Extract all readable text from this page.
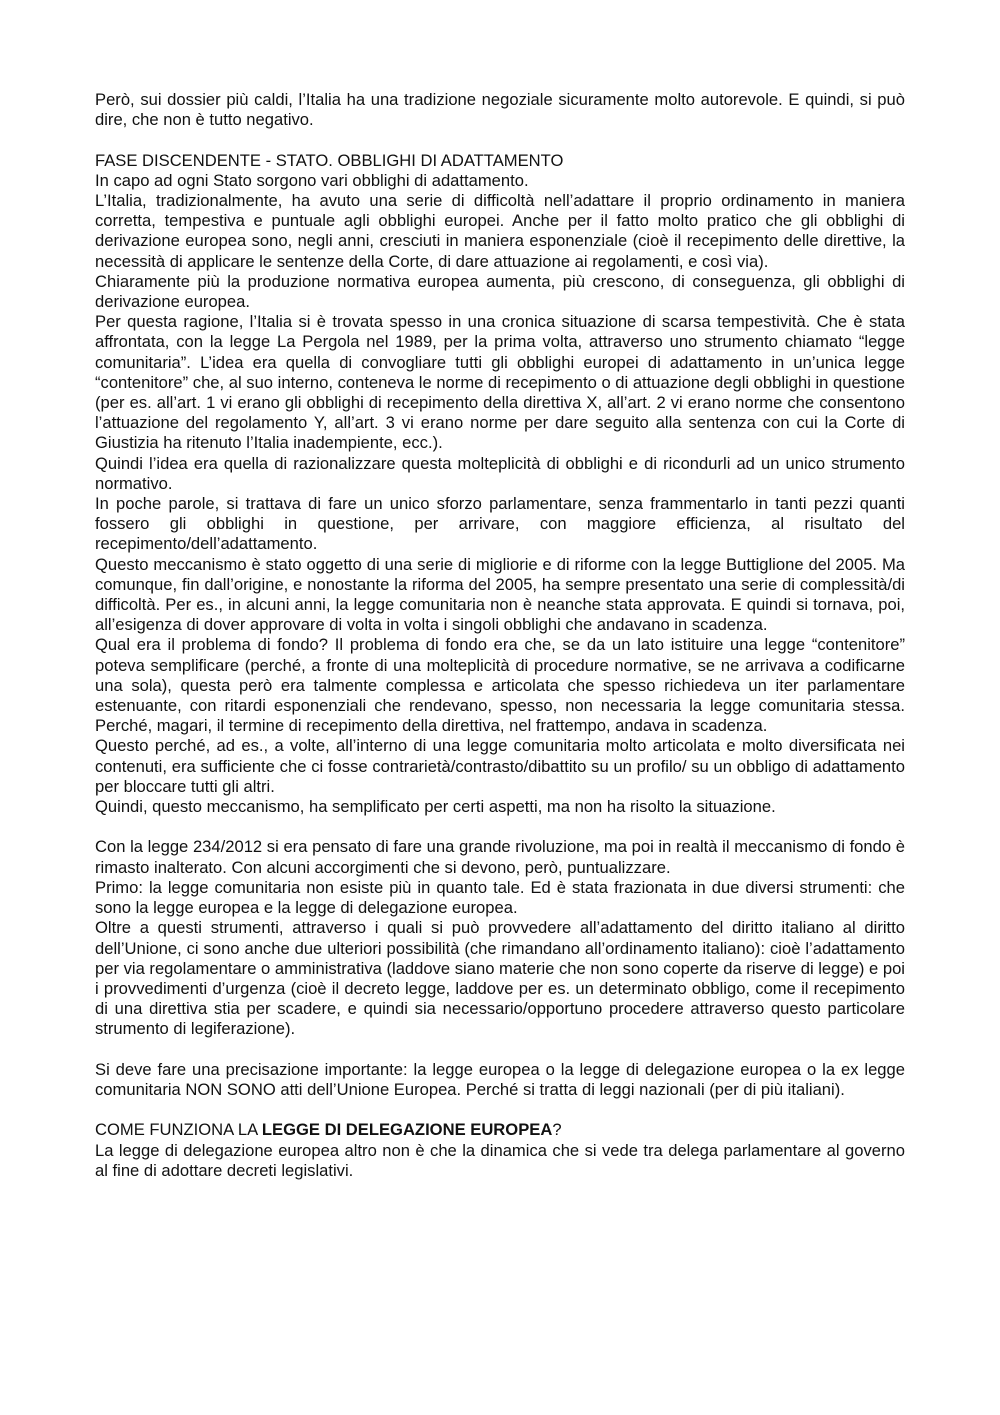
Però, sui dossier più caldi, l’Italia ha una tradizione negoziale sicuramente molto autorevole. E quindi, si può dire, che non è tutto negativo.

FASE DISCENDENTE - STATO. OBBLIGHI DI ADATTAMENTO

In capo ad ogni Stato sorgono vari obblighi di adattamento.

L’Italia, tradizionalmente, ha avuto una serie di difficoltà nell’adattare il proprio ordinamento in maniera corretta, tempestiva e puntuale agli obblighi europei. Anche per il fatto molto pratico che gli obblighi di derivazione europea sono, negli anni, cresciuti in maniera esponenziale (cioè il recepimento delle direttive, la necessità di applicare le sentenze della Corte, di dare attuazione ai regolamenti, e così via).

Chiaramente più la produzione normativa europea aumenta, più crescono, di conseguenza, gli obblighi di derivazione europea.

Per questa ragione, l’Italia si è trovata spesso in una cronica situazione di scarsa tempestività. Che è stata affrontata, con la legge La Pergola nel 1989, per la prima volta, attraverso uno strumento chiamato “legge comunitaria”. L’idea era quella di convogliare tutti gli obblighi europei di adattamento in un’unica legge “contenitore” che, al suo interno, conteneva le norme di recepimento o di attuazione degli obblighi in questione (per es. all’art. 1 vi erano gli obblighi di recepimento della direttiva X, all’art. 2 vi erano norme che consentono l’attuazione del regolamento Y, all’art. 3 vi erano norme per dare seguito alla sentenza con cui la Corte di Giustizia ha ritenuto l’Italia inadempiente, ecc.).

Quindi l’idea era quella di razionalizzare questa molteplicità di obblighi e di ricondurli ad un unico strumento normativo.

In poche parole, si trattava di fare un unico sforzo parlamentare, senza frammentarlo in tanti pezzi quanti fossero gli obblighi in questione, per arrivare, con maggiore efficienza, al risultato del recepimento/dell’adattamento.

Questo meccanismo è stato oggetto di una serie di migliorie e di riforme con la legge Buttiglione del 2005. Ma comunque, fin dall’origine, e nonostante la riforma del 2005, ha sempre presentato una serie di complessità/di difficoltà. Per es., in alcuni anni, la legge comunitaria non è neanche stata approvata. E quindi si tornava, poi, all’esigenza di dover approvare di volta in volta i singoli obblighi che andavano in scadenza.

Qual era il problema di fondo? Il problema di fondo era che, se da un lato istituire una legge “contenitore” poteva semplificare (perché, a fronte di una molteplicità di procedure normative, se ne arrivava a codificarne una sola), questa però era talmente complessa e articolata che spesso richiedeva un iter parlamentare estenuante, con ritardi esponenziali che rendevano, spesso, non necessaria la legge comunitaria stessa. Perché, magari, il termine di recepimento della direttiva, nel frattempo, andava in scadenza.

Questo perché, ad es., a volte, all’interno di una legge comunitaria molto articolata e molto diversificata nei contenuti, era sufficiente che ci fosse contrarietà/contrasto/dibattito su un profilo/ su un obbligo di adattamento per bloccare tutti gli altri.

Quindi, questo meccanismo, ha semplificato per certi aspetti, ma non ha risolto la situazione.

Con la legge 234/2012 si era pensato di fare una grande rivoluzione, ma poi in realtà il meccanismo di fondo è rimasto inalterato. Con alcuni accorgimenti che si devono, però, puntualizzare.

Primo: la legge comunitaria non esiste più in quanto tale. Ed è stata frazionata in due diversi strumenti: che sono la legge europea e la legge di delegazione europea.

Oltre a questi strumenti, attraverso i quali si può provvedere all’adattamento del diritto italiano al diritto dell’Unione, ci sono anche due ulteriori possibilità (che rimandano all’ordinamento italiano): cioè l’adattamento per via regolamentare o amministrativa (laddove siano materie che non sono coperte da riserve di legge) e poi i provvedimenti d’urgenza (cioè il decreto legge, laddove per es. un determinato obbligo, come il recepimento di una direttiva stia per scadere, e quindi sia necessario/opportuno procedere attraverso questo particolare strumento di legiferazione).

Si deve fare una precisazione importante: la legge europea o la legge di delegazione europea o la ex legge comunitaria NON SONO atti dell’Unione Europea. Perché si tratta di leggi nazionali (per di più italiani).

COME FUNZIONA LA LEGGE DI DELEGAZIONE EUROPEA?

La legge di delegazione europea altro non è che la dinamica che si vede tra delega parlamentare al governo al fine di adottare decreti legislativi.
